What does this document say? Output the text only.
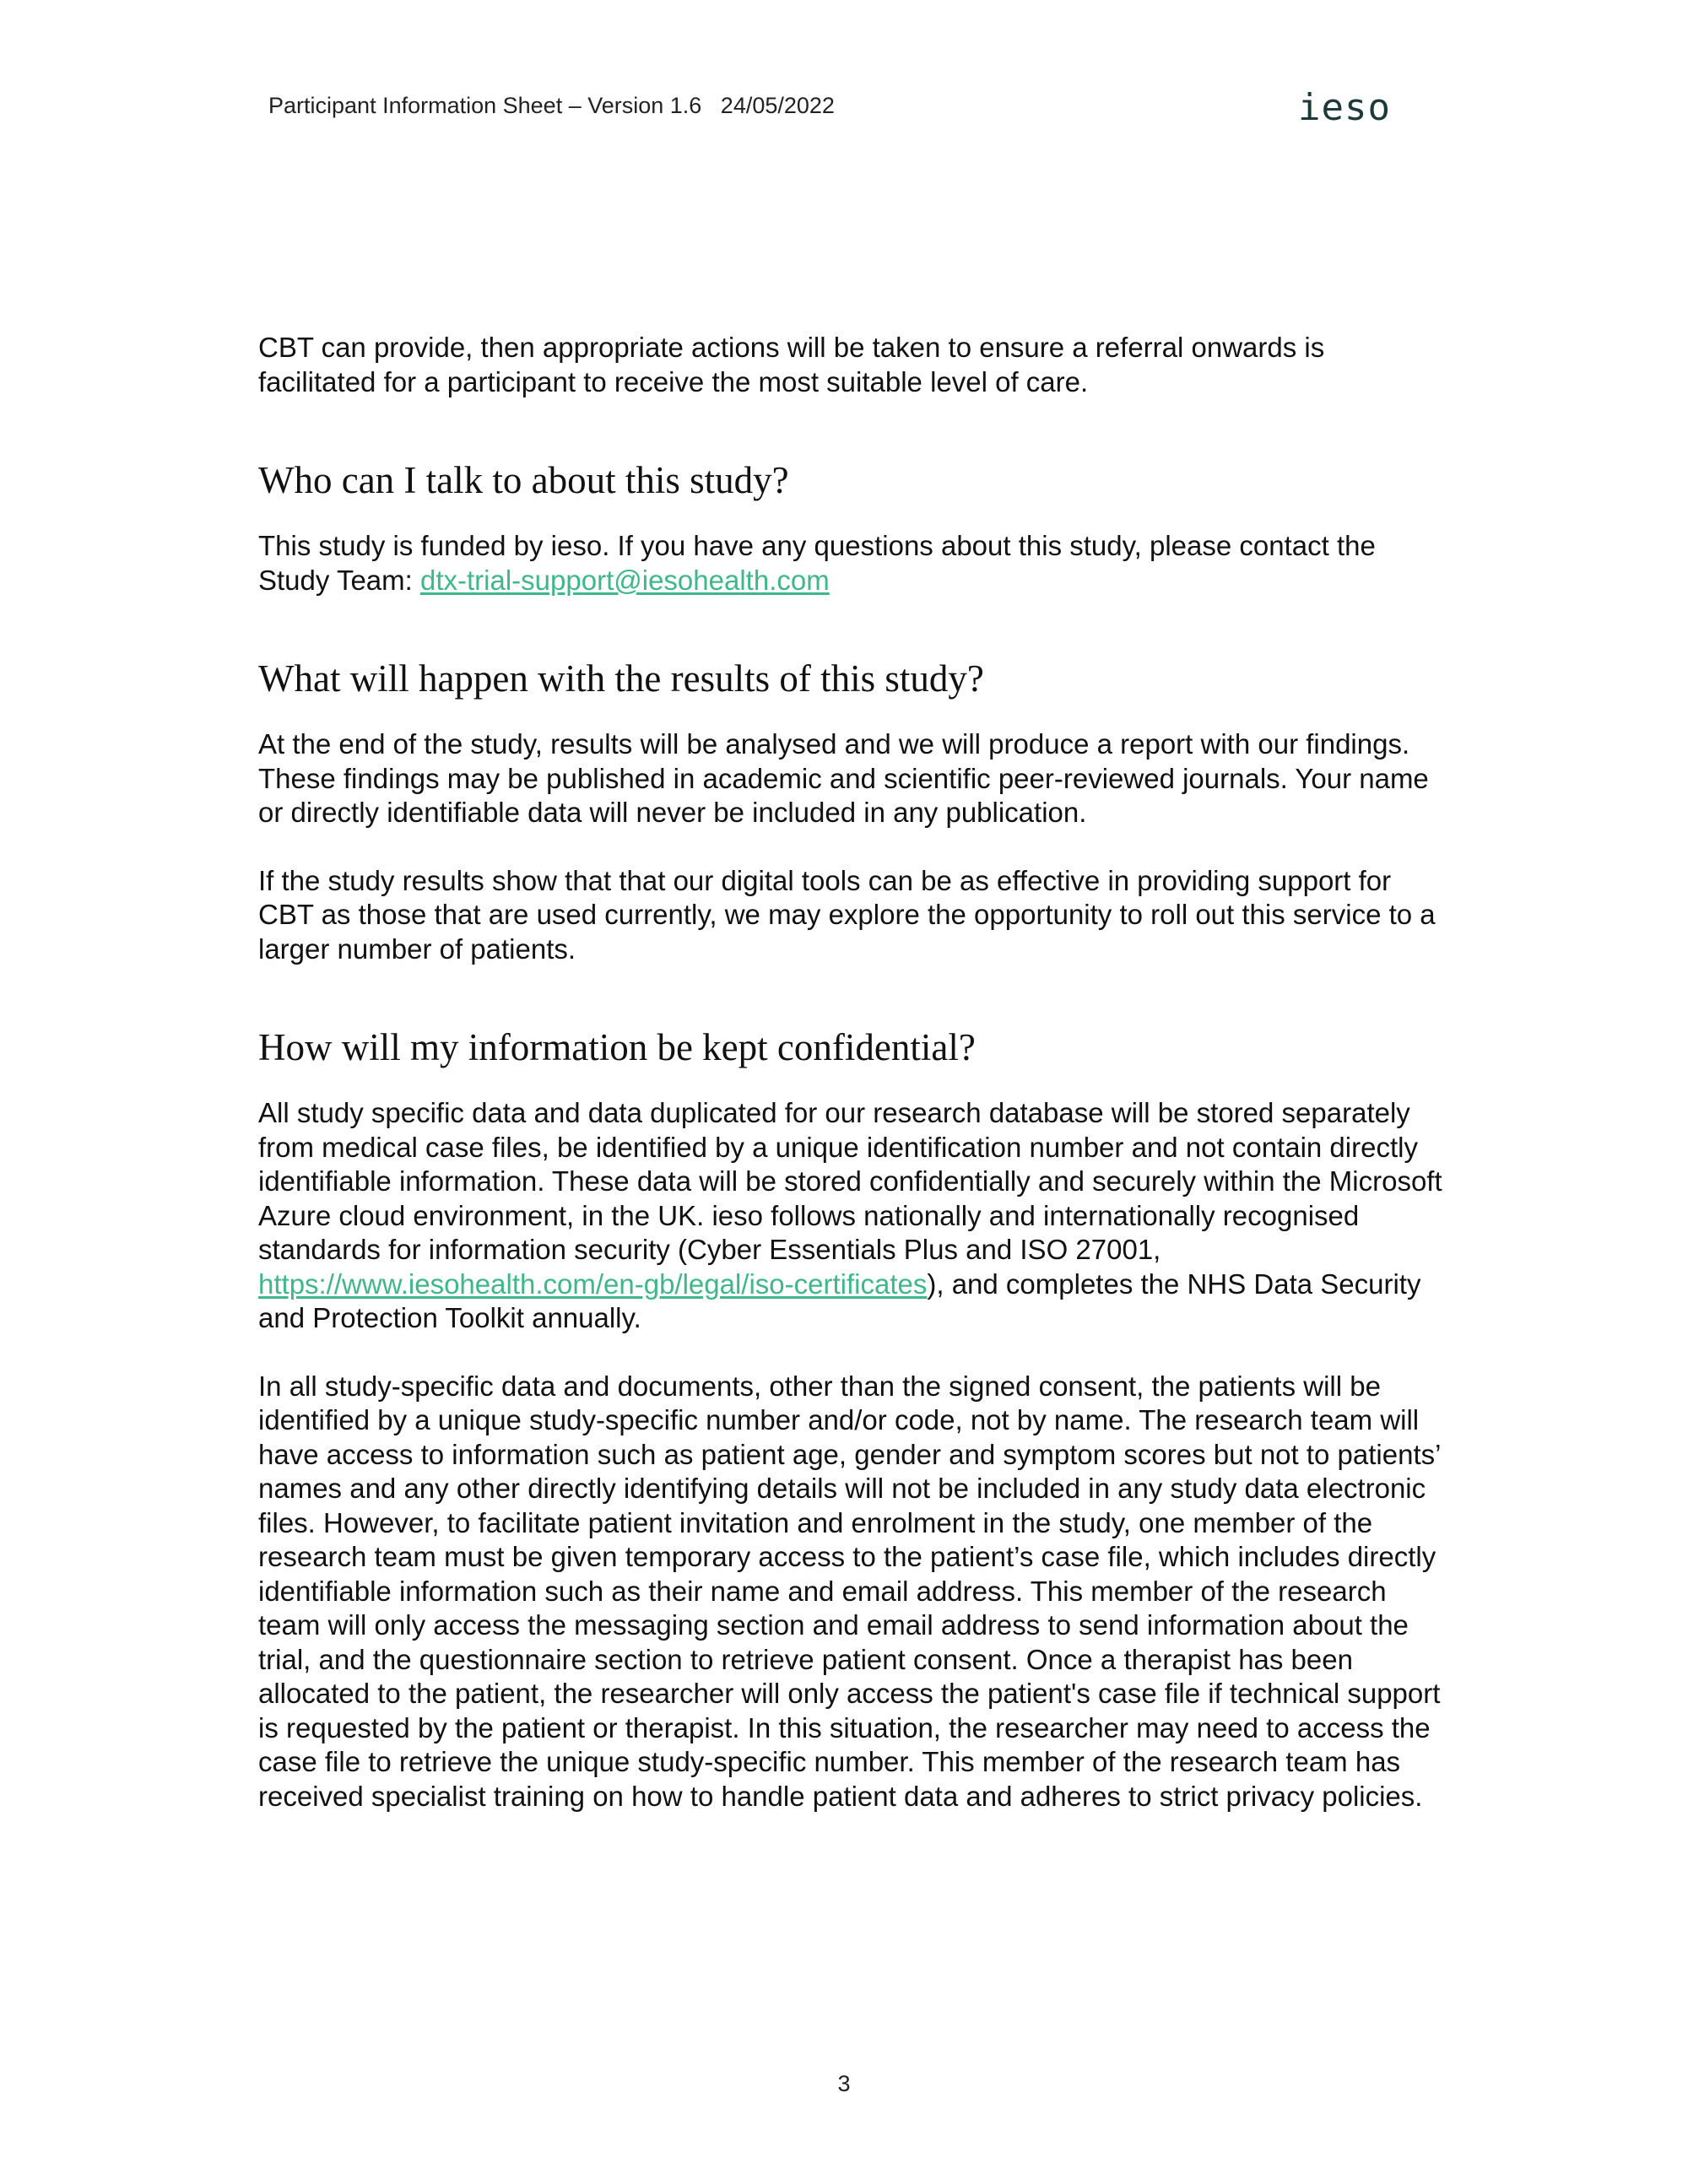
Participant Information Sheet – Version 1.6   24/05/2022	ieso

CBT can provide, then appropriate actions will be taken to ensure a referral onwards is facilitated for a participant to receive the most suitable level of care.

Who can I talk to about this study?

This study is funded by ieso. If you have any questions about this study, please contact the Study Team: dtx-trial-support@iesohealth.com

What will happen with the results of this study?

At the end of the study, results will be analysed and we will produce a report with our findings. These findings may be published in academic and scientific peer-reviewed journals. Your name or directly identifiable data will never be included in any publication.

If the study results show that that our digital tools can be as effective in providing support for CBT as those that are used currently, we may explore the opportunity to roll out this service to a larger number of patients.

How will my information be kept confidential?

All study specific data and data duplicated for our research database will be stored separately from medical case files, be identified by a unique identification number and not contain directly identifiable information. These data will be stored confidentially and securely within the Microsoft Azure cloud environment, in the UK. ieso follows nationally and internationally recognised standards for information security (Cyber Essentials Plus and ISO 27001, https://www.iesohealth.com/en-gb/legal/iso-certificates), and completes the NHS Data Security and Protection Toolkit annually.

In all study-specific data and documents, other than the signed consent, the patients will be identified by a unique study-specific number and/or code, not by name. The research team will have access to information such as patient age, gender and symptom scores but not to patients’ names and any other directly identifying details will not be included in any study data electronic files. However, to facilitate patient invitation and enrolment in the study, one member of the research team must be given temporary access to the patient’s case file, which includes directly identifiable information such as their name and email address. This member of the research team will only access the messaging section and email address to send information about the trial, and the questionnaire section to retrieve patient consent. Once a therapist has been allocated to the patient, the researcher will only access the patient's case file if technical support is requested by the patient or therapist. In this situation, the researcher may need to access the case file to retrieve the unique study-specific number. This member of the research team has received specialist training on how to handle patient data and adheres to strict privacy policies.

3
